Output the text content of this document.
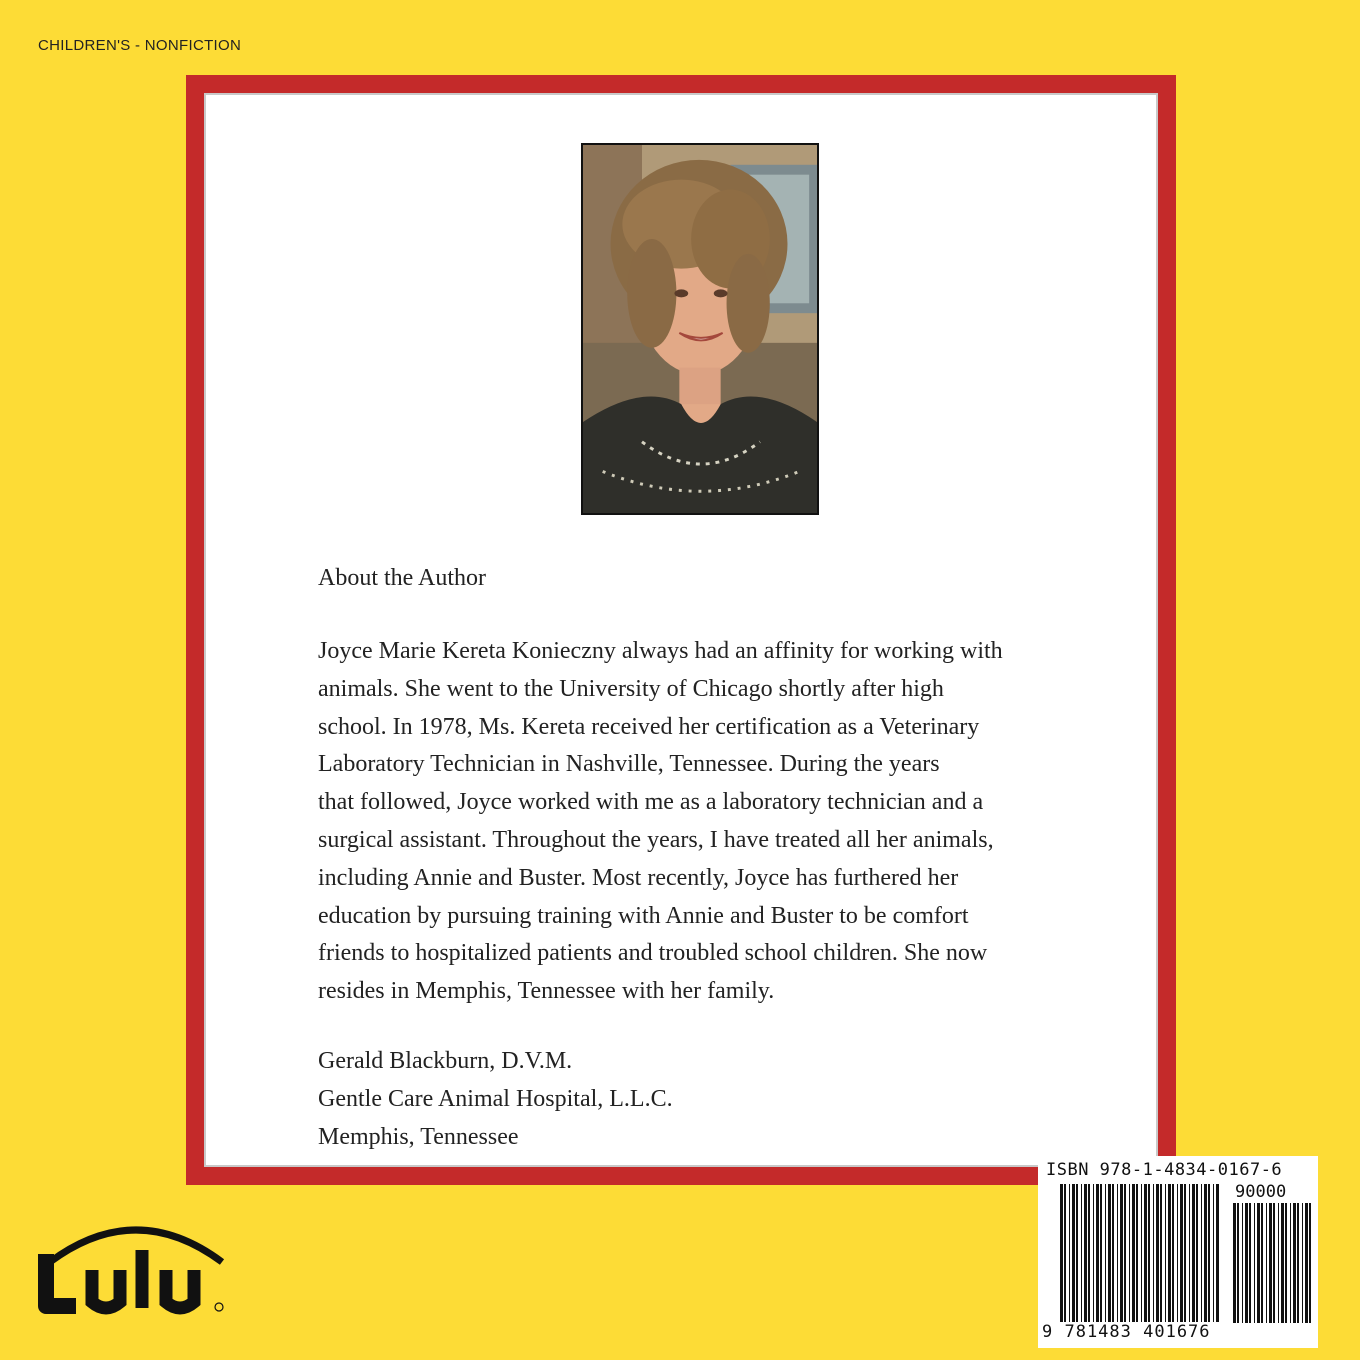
CHILDREN'S - NONFICTION
About the Author

Joyce Marie Kereta Konieczny always had an affinity for working with
animals. She went to the University of Chicago shortly after high
school. In 1978, Ms. Kereta received her certification as a Veterinary
Laboratory Technician in Nashville, Tennessee. During the years
that followed, Joyce worked with me as a laboratory technician and a
surgical assistant. Throughout the years, I have treated all her animals,
including Annie and Buster. Most recently, Joyce has furthered her
education by pursuing training with Annie and Buster to be comfort
friends to hospitalized patients and troubled school children. She now
resides in Memphis, Tennessee with her family.

Gerald Blackburn, D.V.M.
Gentle Care Animal Hospital, L.L.C.
Memphis, Tennessee
ISBN 978-1-4834-0167-6
90000
9 781483 401676
